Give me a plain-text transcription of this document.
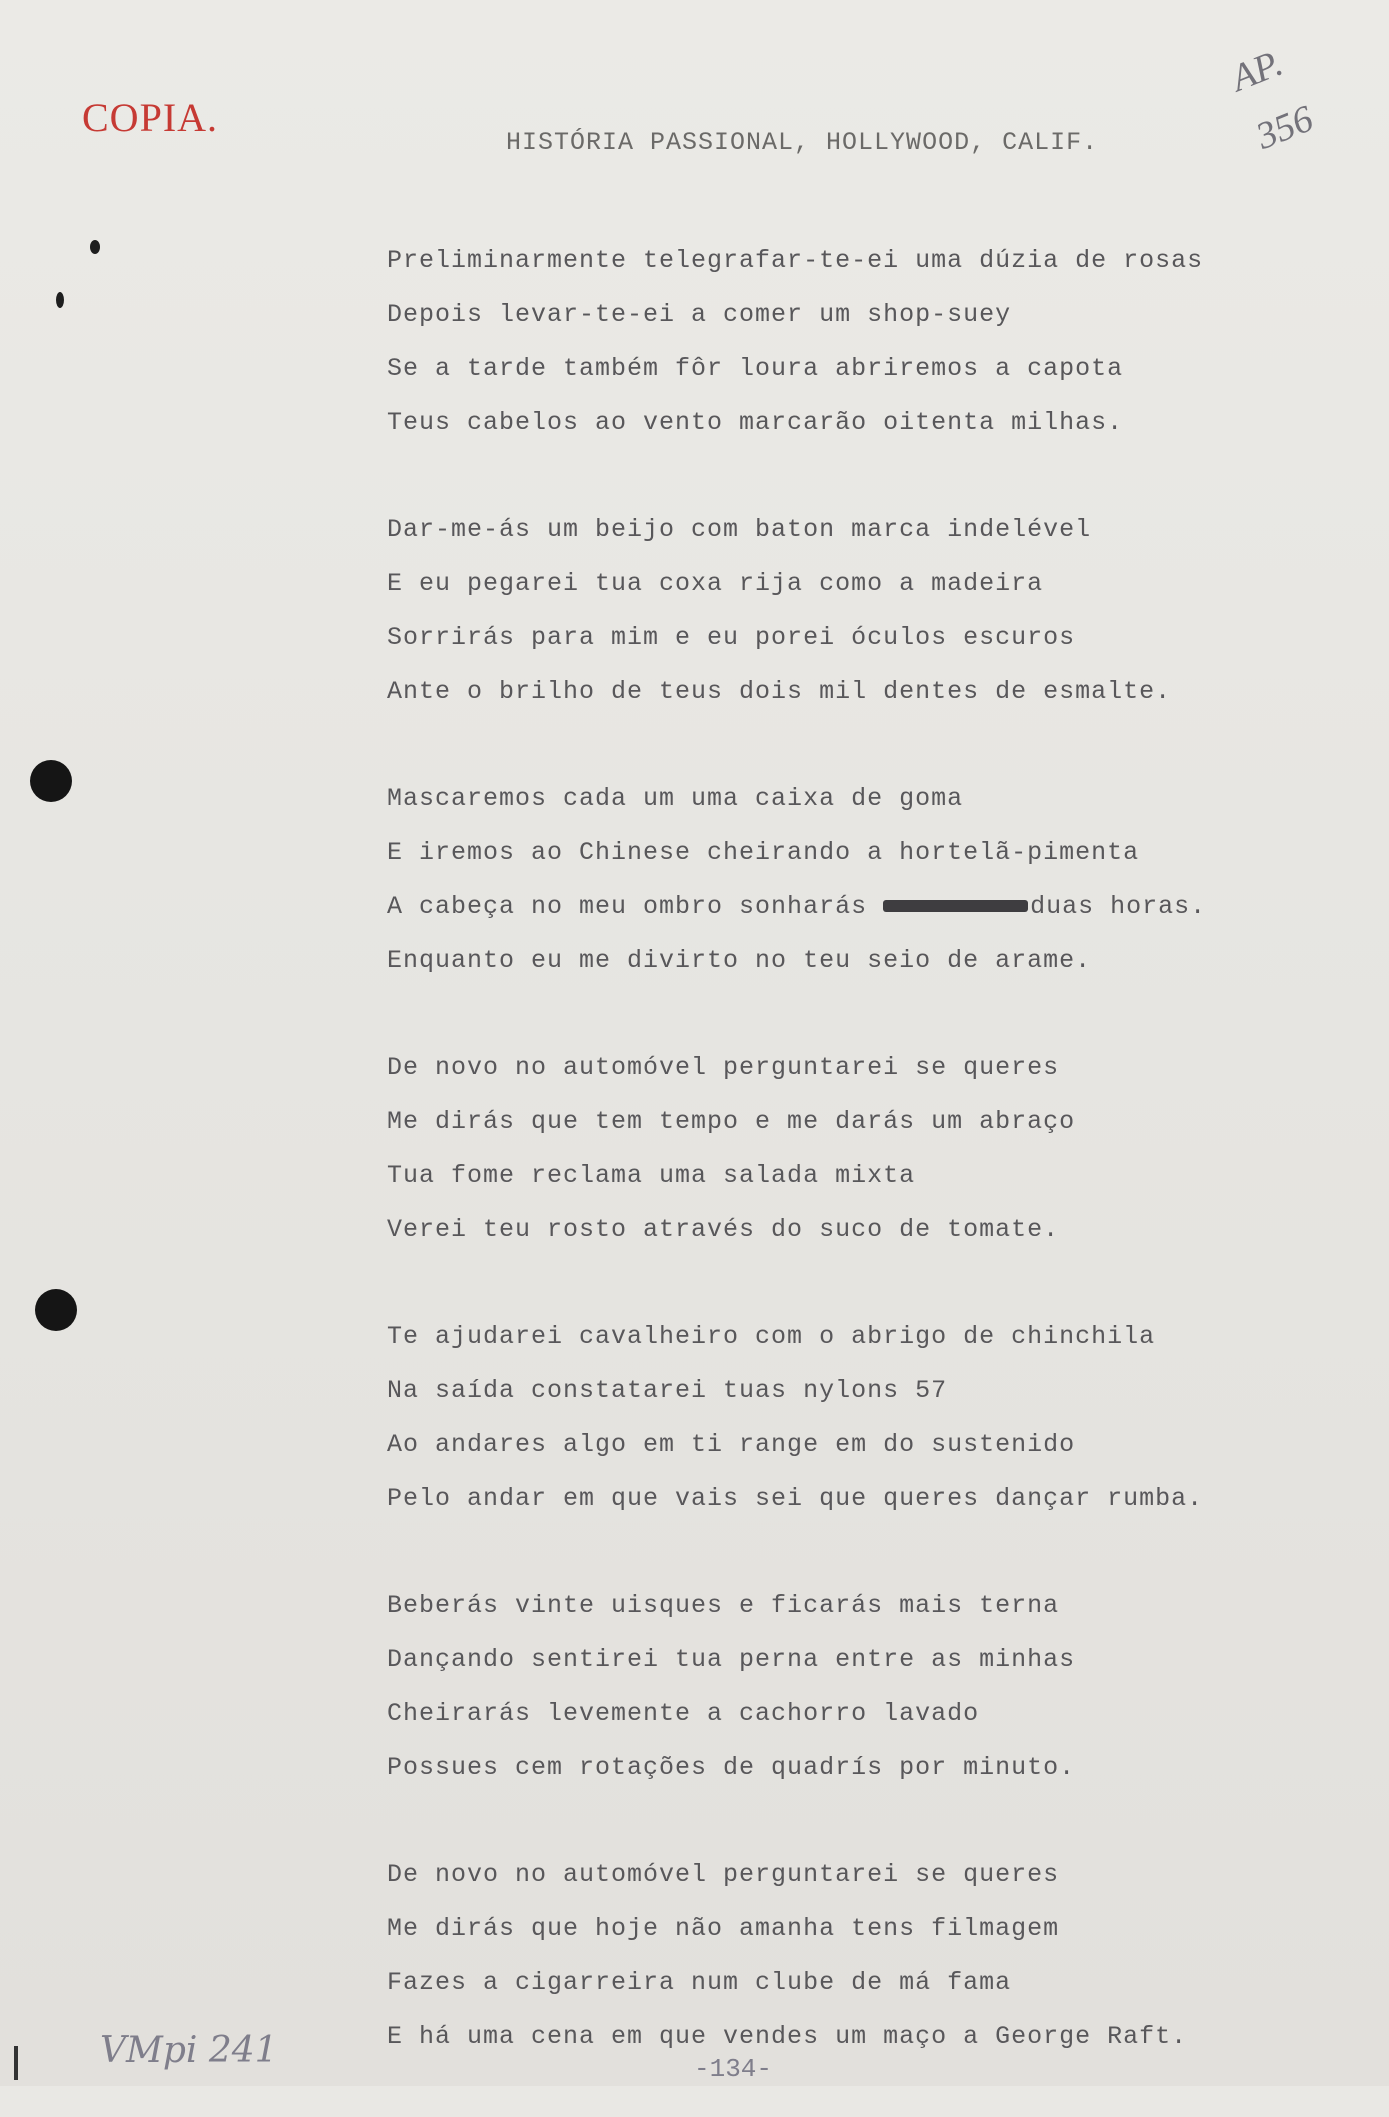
COPIA.
HISTÓRIA PASSIONAL, HOLLYWOOD, CALIF.
AP.
356
Preliminarmente telegrafar-te-ei uma dúzia de rosas
Depois levar-te-ei a comer um shop-suey
Se a tarde também fôr loura abriremos a capota
Teus cabelos ao vento marcarão oitenta milhas.
Dar-me-ás um beijo com baton marca indelével
E eu pegarei tua coxa rija como a madeira
Sorrirás para mim e eu porei óculos escuros
Ante o brilho de teus dois mil dentes de esmalte.
Mascaremos cada um uma caixa de goma
E iremos ao Chinese cheirando a hortelã-pimenta
A cabeça no meu ombro sonharás	duas horas.
Enquanto eu me divirto no teu seio de arame.
De novo no automóvel perguntarei se queres
Me dirás que tem tempo e me darás um abraço
Tua fome reclama uma salada mixta
Verei teu rosto através do suco de tomate.
Te ajudarei cavalheiro com o abrigo de chinchila
Na saída constatarei tuas nylons 57
Ao andares algo em ti range em do sustenido
Pelo andar em que vais sei que queres dançar rumba.
Beberás vinte uisques e ficarás mais terna
Dançando sentirei tua perna entre as minhas
Cheirarás levemente a cachorro lavado
Possues cem rotações de quadrís por minuto.
De novo no automóvel perguntarei se queres
Me dirás que hoje não amanha tens filmagem
Fazes a cigarreira num clube de má fama
E há uma cena em que vendes um maço a George Raft.
VMpi 241	-134-
